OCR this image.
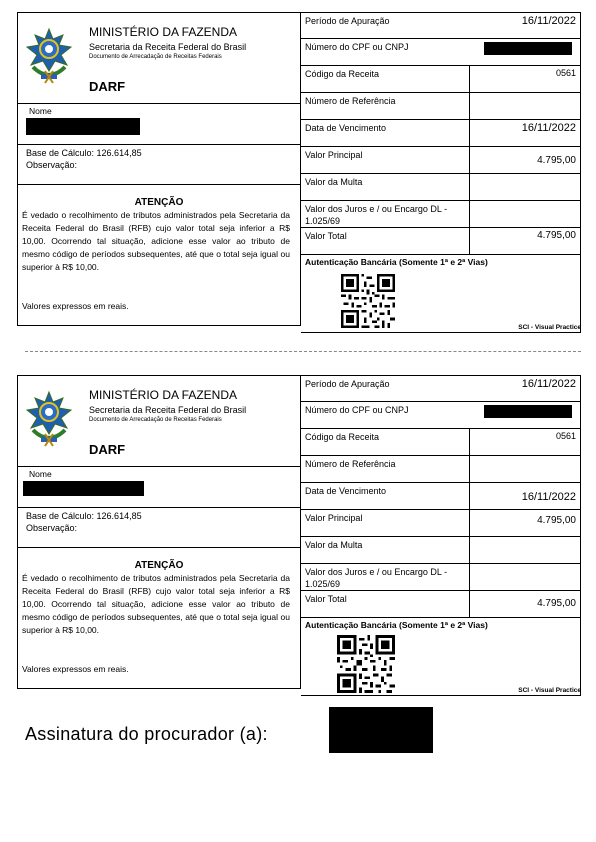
MINISTÉRIO DA FAZENDA
Secretaria da Receita Federal do Brasil
Documento de Arrecadação de Receitas Federais
DARF
Nome
Base de Cálculo: 126.614,85
Observação:
ATENÇÃO
É vedado o recolhimento de tributos administrados pela Secretaria da Receita Federal do Brasil (RFB) cujo valor total seja inferior a R$ 10,00. Ocorrendo tal situação, adicione esse valor ao tributo de mesmo código de períodos subsequentes, até que o total seja igual ou superior à R$ 10,00.
Valores expressos em reais.
Período de Apuração	16/11/2022
Número do CPF ou CNPJ
Código da Receita	0561
Número de Referência
Data de Vencimento	16/11/2022
Valor Principal	4.795,00
Valor da Multa
Valor dos Juros e / ou Encargo DL - 1.025/69
Valor Total	4.795,00
Autenticação Bancária (Somente 1ª e 2ª Vias)
SCI - Visual Practice
MINISTÉRIO DA FAZENDA
Secretaria da Receita Federal do Brasil
Documento de Arrecadação de Receitas Federais
DARF
Nome
Base de Cálculo: 126.614,85
Observação:
ATENÇÃO
É vedado o recolhimento de tributos administrados pela Secretaria da Receita Federal do Brasil (RFB) cujo valor total seja inferior a R$ 10,00. Ocorrendo tal situação, adicione esse valor ao tributo de mesmo código de períodos subsequentes, até que o total seja igual ou superior à R$ 10,00.
Valores expressos em reais.
Período de Apuração	16/11/2022
Número do CPF ou CNPJ
Código da Receita	0561
Número de Referência
Data de Vencimento	16/11/2022
Valor Principal	4.795,00
Valor da Multa
Valor dos Juros e / ou Encargo DL - 1.025/69
Valor Total	4.795,00
Autenticação Bancária (Somente 1ª e 2ª Vias)
SCI - Visual Practice
Assinatura do procurador (a):
